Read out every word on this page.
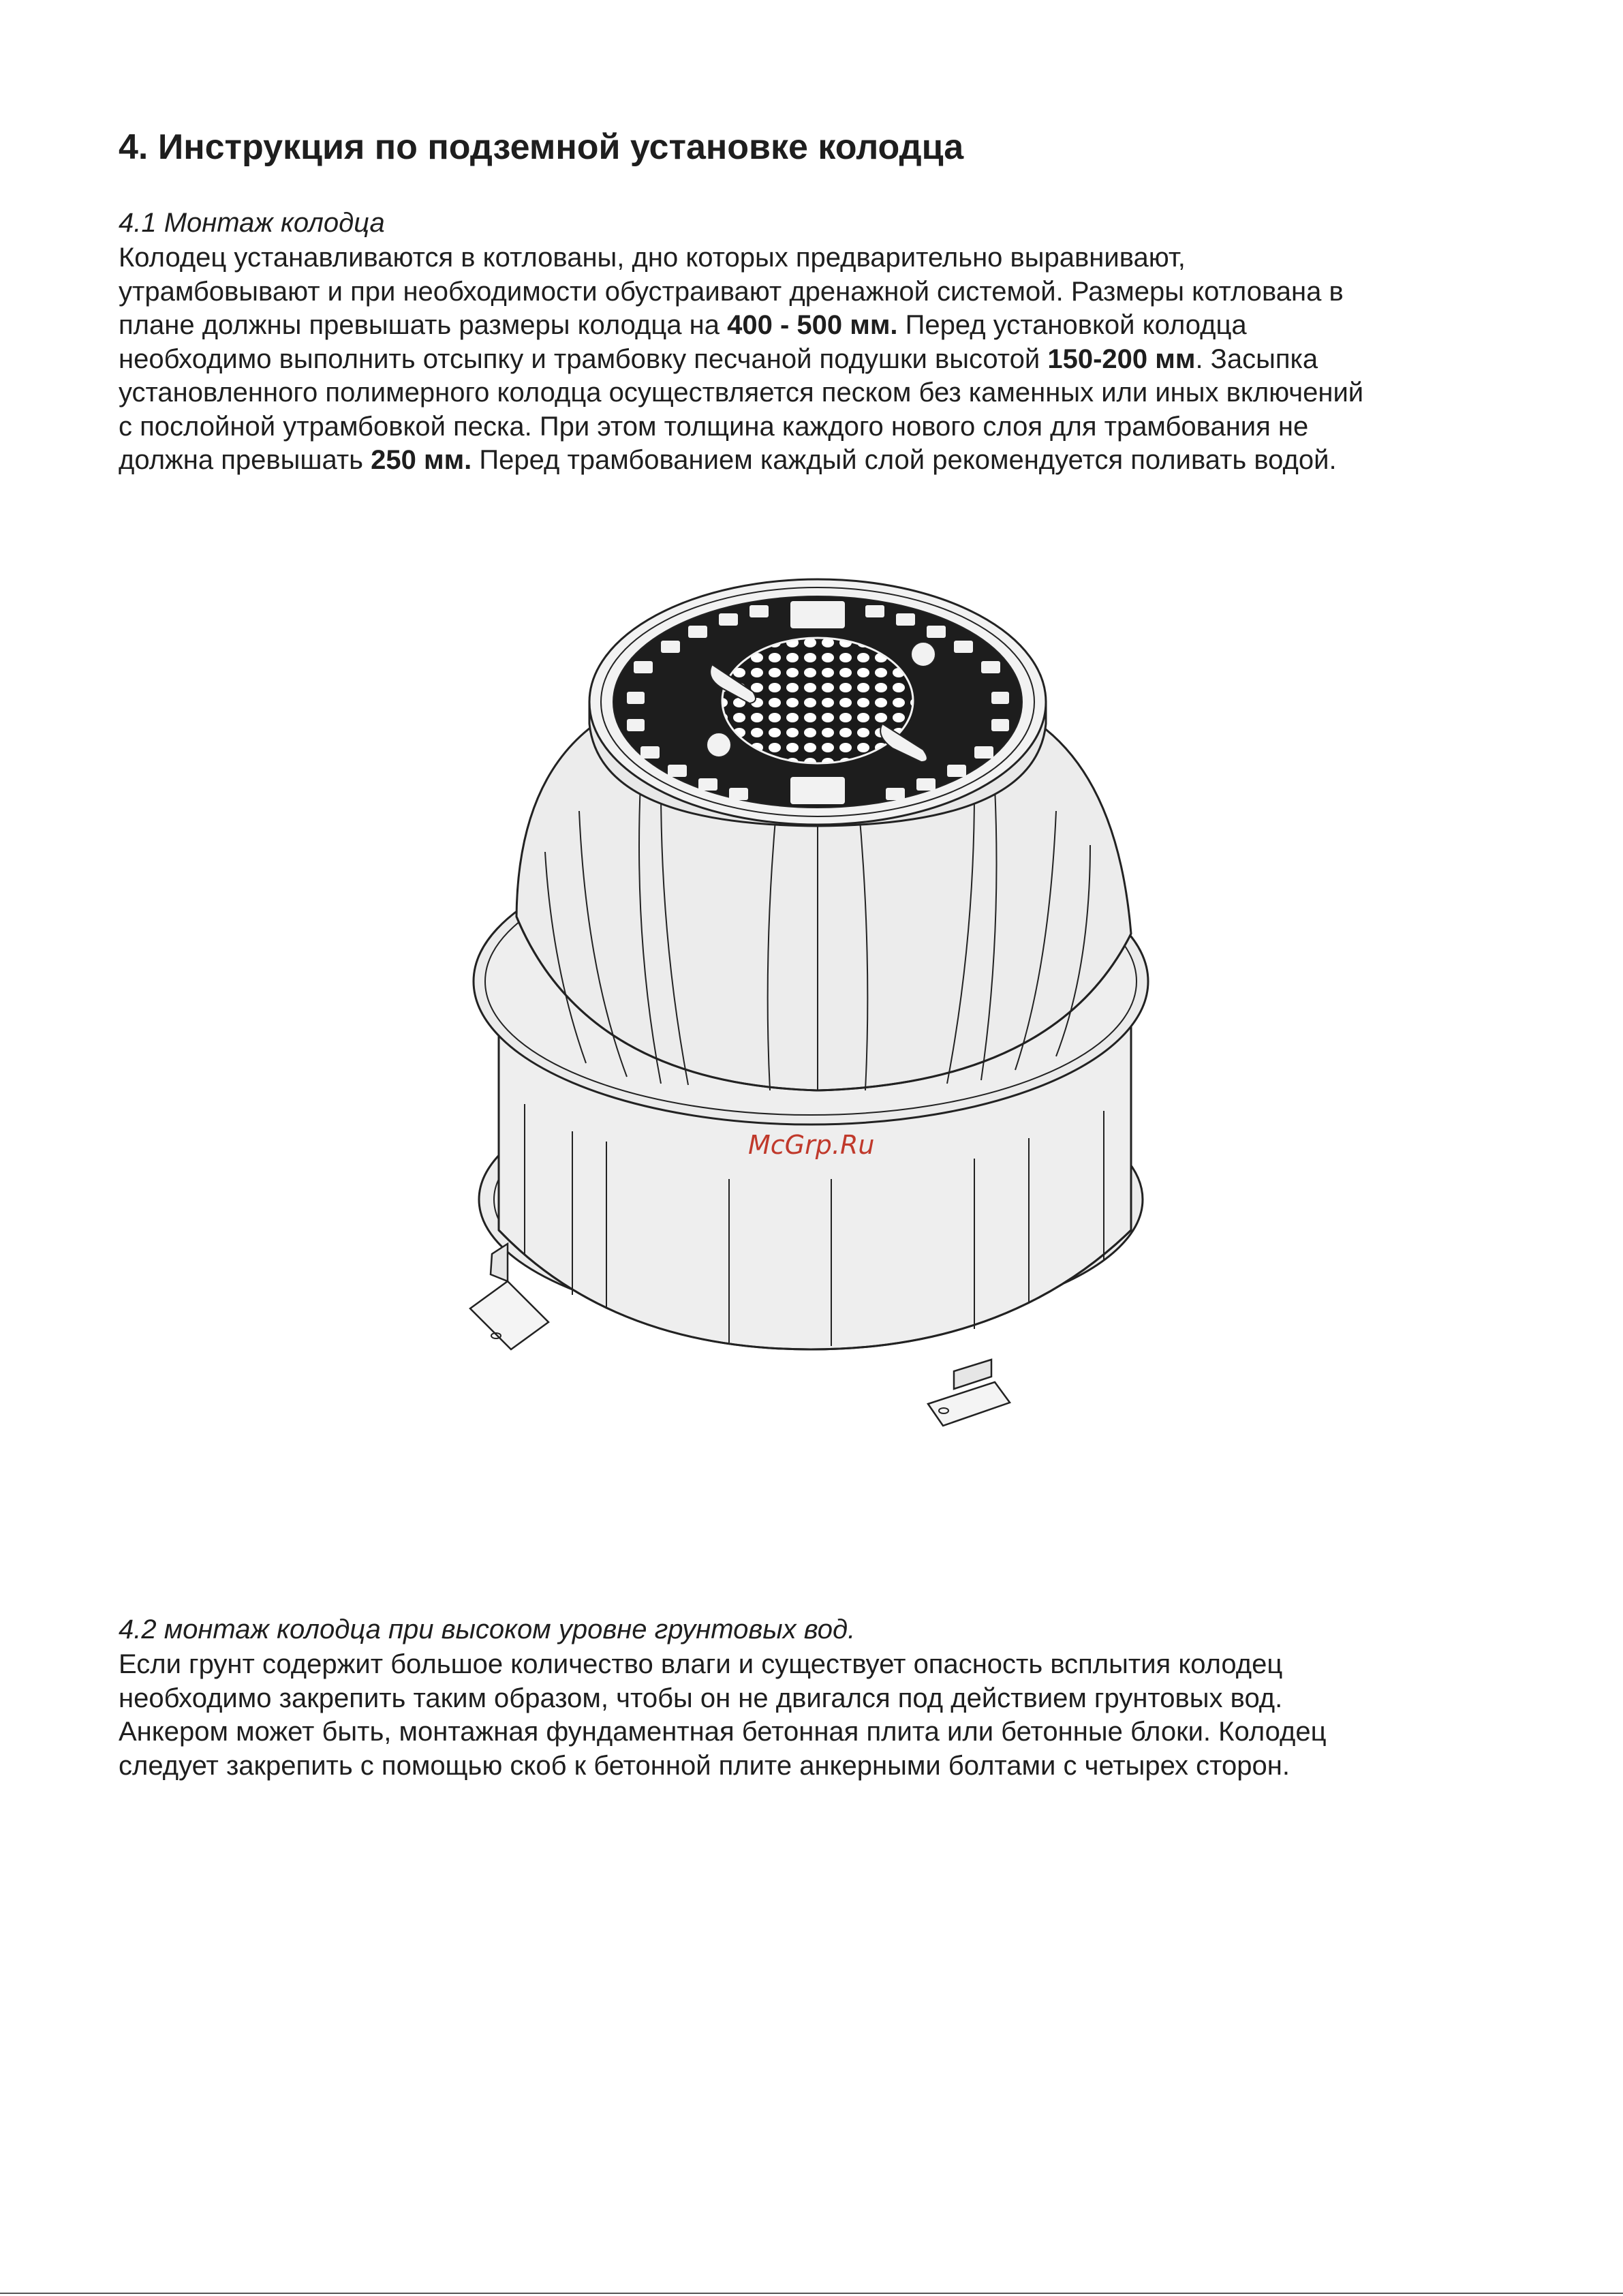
4. Инструкция по подземной установке колодца

4.1 Монтаж колодца

Колодец устанавливаются в котлованы, дно которых предварительно выравнивают,
утрамбовывают и при необходимости обустраивают дренажной системой. Размеры котлована в
плане должны превышать размеры колодца на 400 - 500 мм. Перед установкой колодца
необходимо выполнить отсыпку и трамбовку песчаной подушки высотой 150-200 мм. Засыпка
установленного полимерного колодца осуществляется песком без каменных или иных включений
с послойной утрамбовкой песка. При этом толщина каждого нового слоя для трамбования не
должна превышать 250 мм. Перед трамбованием каждый слой рекомендуется поливать водой.

McGrp.Ru

4.2 монтаж колодца при высоком уровне грунтовых вод.

Если грунт содержит большое количество влаги и существует опасность всплытия колодец
необходимо закрепить таким образом, чтобы он не двигался под действием грунтовых вод.
Анкером может быть, монтажная фундаментная бетонная плита или бетонные блоки. Колодец
следует закрепить с помощью скоб к бетонной плите анкерными болтами с четырех сторон.
